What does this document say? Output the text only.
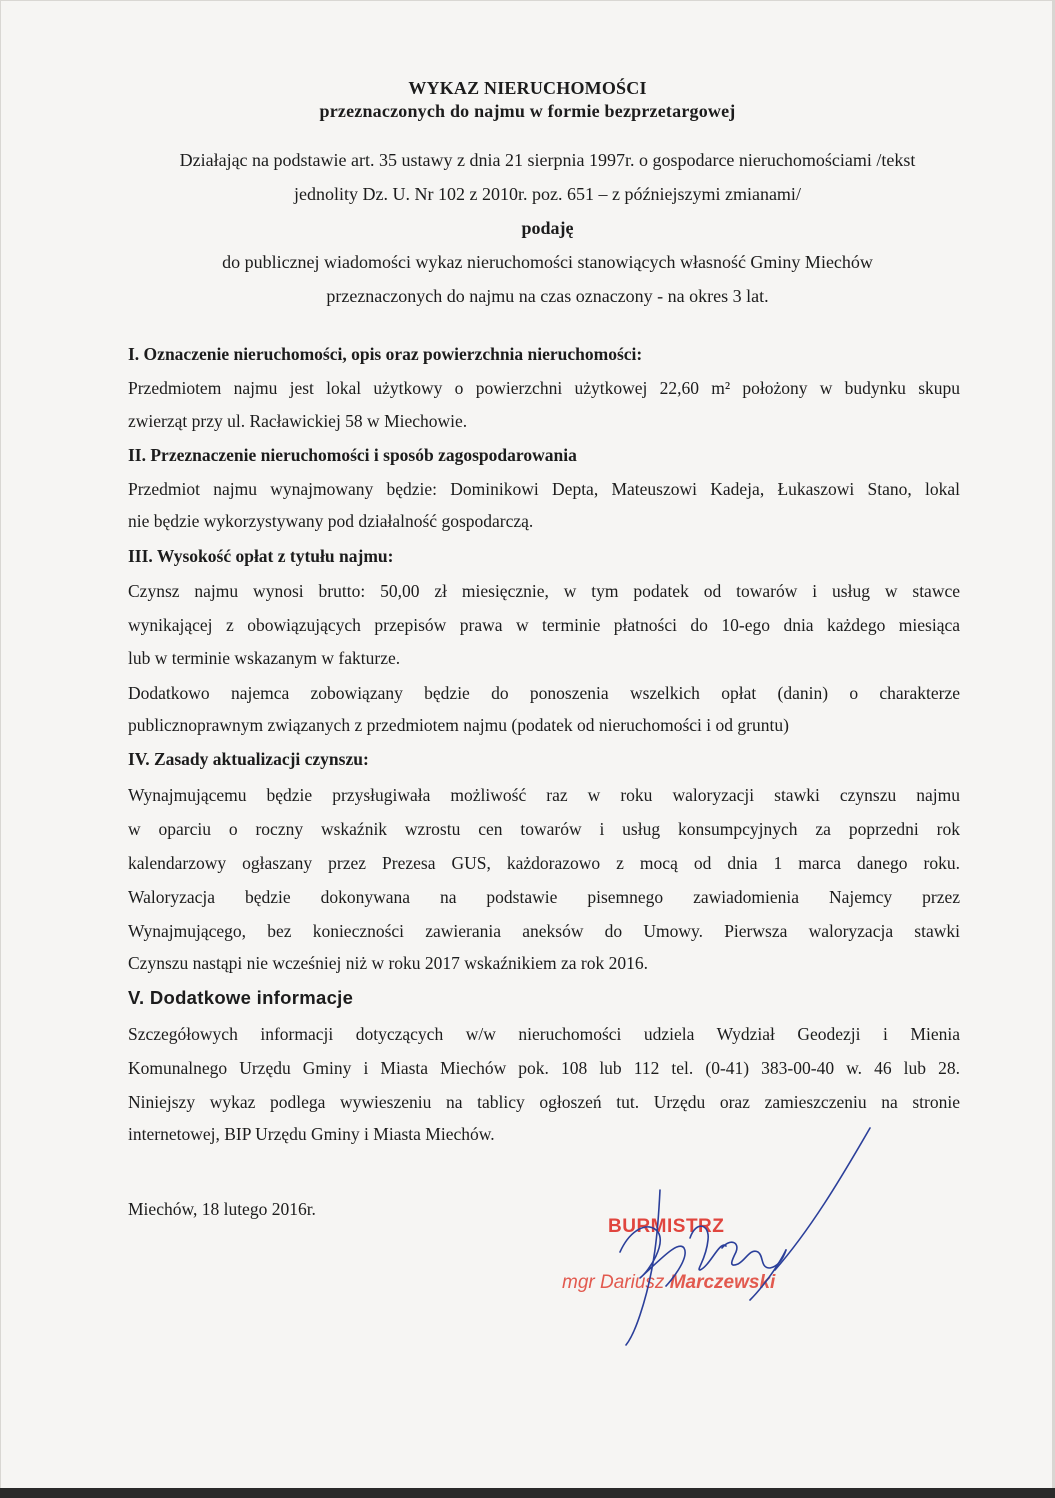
WYKAZ NIERUCHOMOŚCI
przeznaczonych do najmu w formie bezprzetargowej
Działając na podstawie art. 35 ustawy z dnia 21 sierpnia 1997r. o gospodarce nieruchomościami /tekst
jednolity Dz. U. Nr 102 z 2010r. poz. 651 – z późniejszymi zmianami/
podaję
do publicznej wiadomości wykaz nieruchomości stanowiących własność Gminy Miechów
przeznaczonych do najmu na czas oznaczony - na okres 3 lat.
I. Oznaczenie nieruchomości, opis oraz powierzchnia nieruchomości:
Przedmiotem najmu jest lokal użytkowy o powierzchni użytkowej 22,60 m² położony w budynku skupu
zwierząt przy ul. Racławickiej 58 w Miechowie.
II. Przeznaczenie nieruchomości i sposób zagospodarowania
Przedmiot najmu wynajmowany będzie: Dominikowi Depta, Mateuszowi Kadeja, Łukaszowi Stano, lokal
nie będzie wykorzystywany pod działalność gospodarczą.
III. Wysokość opłat z tytułu najmu:
Czynsz najmu wynosi brutto: 50,00 zł miesięcznie, w tym podatek od towarów i usług w stawce
wynikającej z obowiązujących przepisów prawa w terminie płatności do 10-ego dnia każdego miesiąca
lub w terminie wskazanym w fakturze.
Dodatkowo najemca zobowiązany będzie do ponoszenia wszelkich opłat (danin) o charakterze
publicznoprawnym związanych z przedmiotem najmu (podatek od nieruchomości i od gruntu)
IV. Zasady aktualizacji czynszu:
Wynajmującemu będzie przysługiwała możliwość raz w roku waloryzacji stawki czynszu najmu
w oparciu o roczny wskaźnik wzrostu cen towarów i usług konsumpcyjnych za poprzedni rok
kalendarzowy ogłaszany przez Prezesa GUS, każdorazowo z mocą od dnia 1 marca danego roku.
Waloryzacja będzie dokonywana na podstawie pisemnego zawiadomienia Najemcy przez
Wynajmującego, bez konieczności zawierania aneksów do Umowy. Pierwsza waloryzacja stawki
Czynszu nastąpi nie wcześniej niż w roku 2017 wskaźnikiem za rok 2016.
V. Dodatkowe informacje
Szczegółowych informacji dotyczących w/w nieruchomości udziela Wydział Geodezji i Mienia
Komunalnego Urzędu Gminy i Miasta Miechów pok. 108 lub 112 tel. (0-41) 383-00-40 w. 46 lub 28.
Niniejszy wykaz podlega wywieszeniu na tablicy ogłoszeń tut. Urzędu oraz zamieszczeniu na stronie
internetowej, BIP Urzędu Gminy i Miasta Miechów.
Miechów, 18 lutego 2016r.
BURMISTRZ
mgr Dariusz Marczewski
